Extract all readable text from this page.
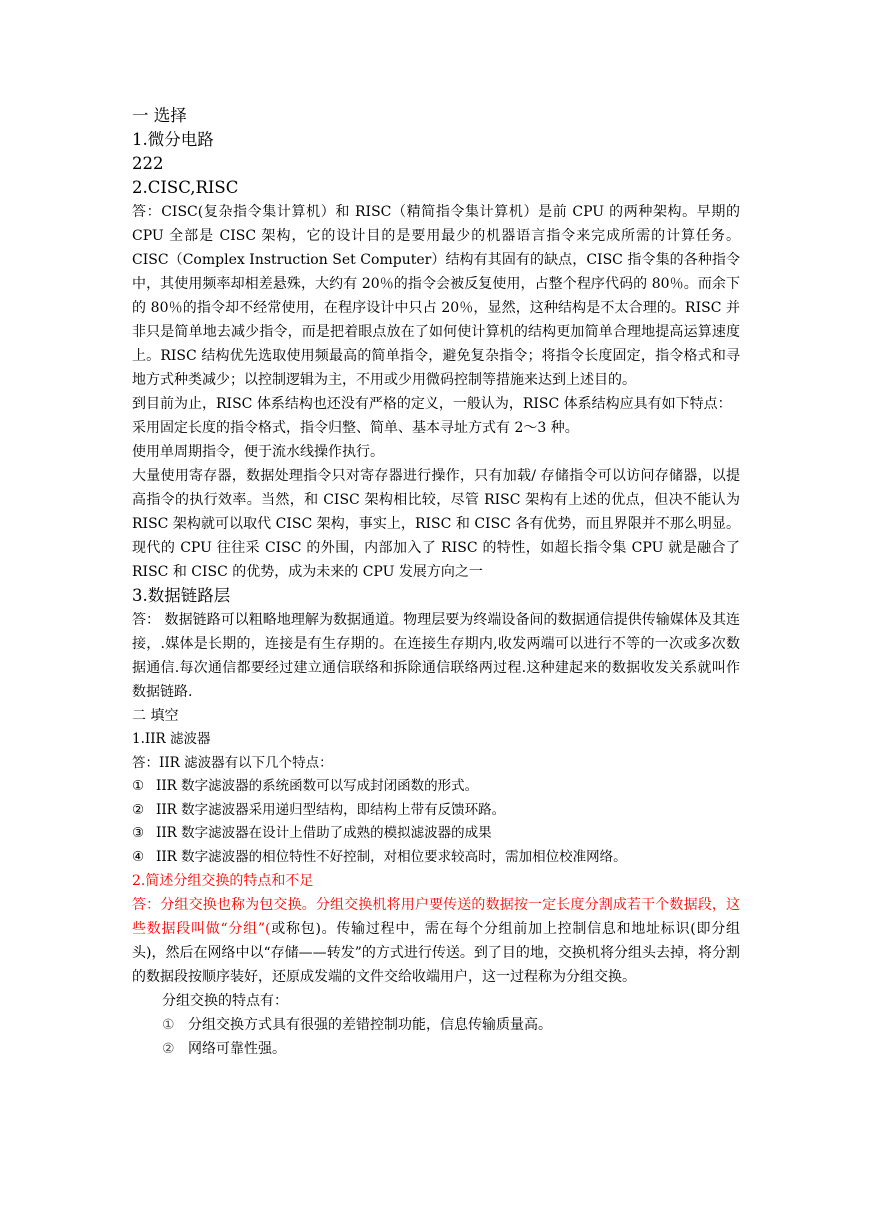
一 选择
1.微分电路
222
2.CISC,RISC
答：CISC(复杂指令集计算机）和 RISC（精简指令集计算机）是前 CPU 的两种架构。早期的 CPU 全部是 CISC 架构，它的设计目的是要用最少的机器语言指令来完成所需的计算任务。 CISC（Complex Instruction Set Computer）结构有其固有的缺点，CISC 指令集的各种指令中，其使用频率却相差悬殊，大约有 20％的指令会被反复使用，占整个程序代码的 80％。而余下的 80％的指令却不经常使用，在程序设计中只占 20％，显然，这种结构是不太合理的。RISC 并非只是简单地去减少指令，而是把着眼点放在了如何使计算机的结构更加简单合理地提高运算速度上。RISC 结构优先选取使用频最高的简单指令，避免复杂指令；将指令长度固定，指令格式和寻地方式种类减少；以控制逻辑为主，不用或少用微码控制等措施来达到上述目的。
到目前为止，RISC 体系结构也还没有严格的定义，一般认为，RISC 体系结构应具有如下特点：
采用固定长度的指令格式，指令归整、简单、基本寻址方式有 2～3 种。
使用单周期指令，便于流水线操作执行。
大量使用寄存器，数据处理指令只对寄存器进行操作，只有加载/ 存储指令可以访问存储器，以提高指令的执行效率。当然，和 CISC 架构相比较，尽管 RISC 架构有上述的优点，但决不能认为 RISC 架构就可以取代 CISC 架构，事实上，RISC 和 CISC 各有优势，而且界限并不那么明显。现代的 CPU 往往采 CISC 的外围，内部加入了 RISC 的特性，如超长指令集 CPU 就是融合了 RISC 和 CISC 的优势，成为未来的 CPU 发展方向之一
3.数据链路层
答： 数据链路可以粗略地理解为数据通道。物理层要为终端设备间的数据通信提供传输媒体及其连接，.媒体是长期的，连接是有生存期的。在连接生存期内,收发两端可以进行不等的一次或多次数据通信.每次通信都要经过建立通信联络和拆除通信联络两过程.这种建起来的数据收发关系就叫作数据链路.
二 填空
1.IIR 滤波器
答：IIR 滤波器有以下几个特点：
① IIR 数字滤波器的系统函数可以写成封闭函数的形式。
② IIR 数字滤波器采用递归型结构，即结构上带有反馈环路。
③ IIR 数字滤波器在设计上借助了成熟的模拟滤波器的成果
④ IIR 数字滤波器的相位特性不好控制，对相位要求较高时，需加相位校准网络。
2.简述分组交换的特点和不足
答：分组交换也称为包交换。分组交换机将用户要传送的数据按一定长度分割成若干个数据段，这些数据段叫做“分组”(或称包)。传输过程中，需在每个分组前加上控制信息和地址标识(即分组头)，然后在网络中以“存储——转发”的方式进行传送。到了目的地，交换机将分组头去掉，将分割的数据段按顺序装好，还原成发端的文件交给收端用户，这一过程称为分组交换。
分组交换的特点有：
① 分组交换方式具有很强的差错控制功能，信息传输质量高。
② 网络可靠性强。
